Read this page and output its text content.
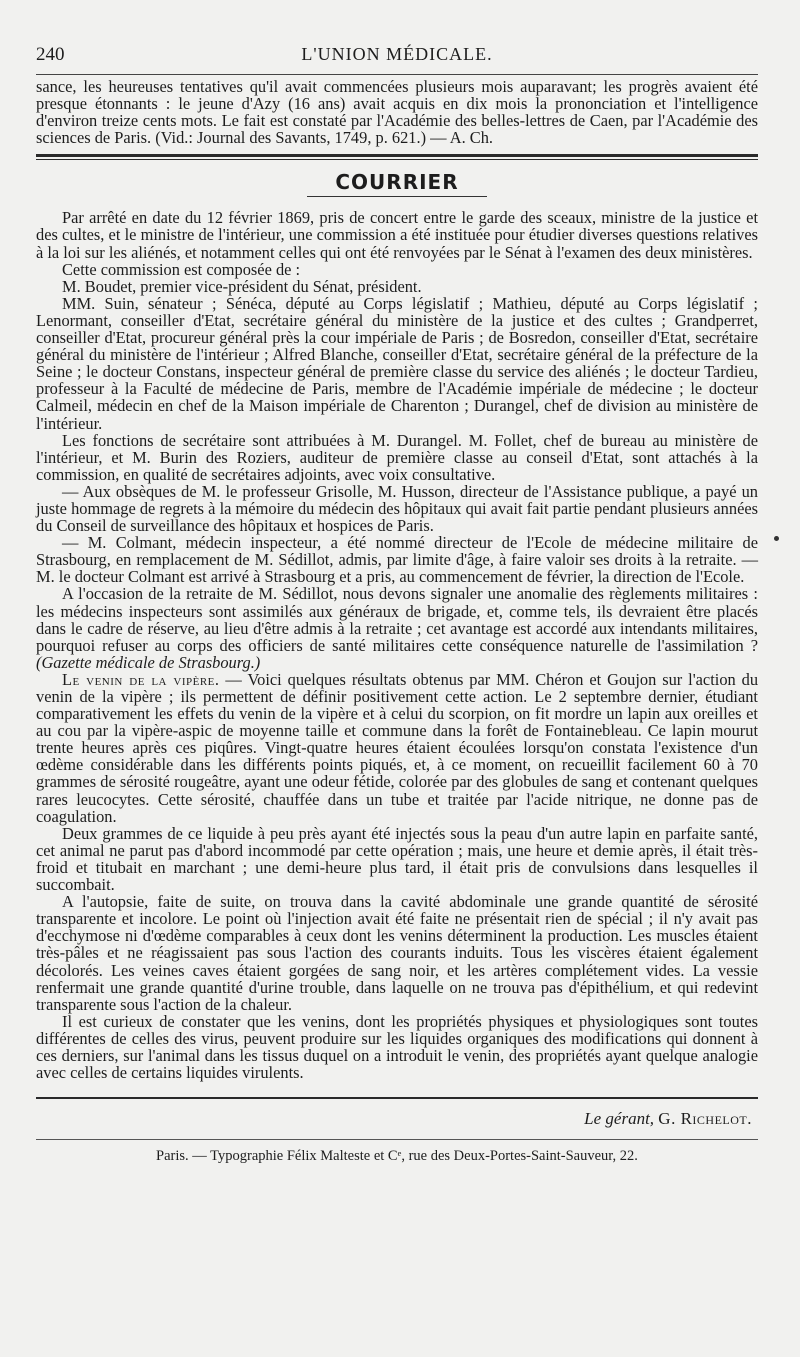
240	L'UNION MÉDICALE.

sance, les heureuses tentatives qu'il avait commencées plusieurs mois auparavant; les progrès avaient été presque étonnants : le jeune d'Azy (16 ans) avait acquis en dix mois la prononciation et l'intelligence d'environ treize cents mots. Le fait est constaté par l'Académie des belles-lettres de Caen, par l'Académie des sciences de Paris. (Vid.: Journal des Savants, 1749, p. 621.) — A. Ch.

COURRIER

Par arrêté en date du 12 février 1869, pris de concert entre le garde des sceaux, ministre de la justice et des cultes, et le ministre de l'intérieur, une commission a été instituée pour étudier diverses questions relatives à la loi sur les aliénés, et notamment celles qui ont été renvoyées par le Sénat à l'examen des deux ministères.

Cette commission est composée de :

M. Boudet, premier vice-président du Sénat, président.

MM. Suin, sénateur ; Sénéca, député au Corps législatif ; Mathieu, député au Corps législatif ; Lenormant, conseiller d'Etat, secrétaire général du ministère de la justice et des cultes ; Grandperret, conseiller d'Etat, procureur général près la cour impériale de Paris ; de Bosredon, conseiller d'Etat, secrétaire général du ministère de l'intérieur ; Alfred Blanche, conseiller d'Etat, secrétaire général de la préfecture de la Seine ; le docteur Constans, inspecteur général de première classe du service des aliénés ; le docteur Tardieu, professeur à la Faculté de médecine de Paris, membre de l'Académie impériale de médecine ; le docteur Calmeil, médecin en chef de la Maison impériale de Charenton ; Durangel, chef de division au ministère de l'intérieur.

Les fonctions de secrétaire sont attribuées à M. Durangel. M. Follet, chef de bureau au ministère de l'intérieur, et M. Burin des Roziers, auditeur de première classe au conseil d'Etat, sont attachés à la commission, en qualité de secrétaires adjoints, avec voix consultative.

— Aux obsèques de M. le professeur Grisolle, M. Husson, directeur de l'Assistance publique, a payé un juste hommage de regrets à la mémoire du médecin des hôpitaux qui avait fait partie pendant plusieurs années du Conseil de surveillance des hôpitaux et hospices de Paris.

— M. Colmant, médecin inspecteur, a été nommé directeur de l'Ecole de médecine militaire de Strasbourg, en remplacement de M. Sédillot, admis, par limite d'âge, à faire valoir ses droits à la retraite. — M. le docteur Colmant est arrivé à Strasbourg et a pris, au commencement de février, la direction de l'Ecole.

A l'occasion de la retraite de M. Sédillot, nous devons signaler une anomalie des règlements militaires : les médecins inspecteurs sont assimilés aux généraux de brigade, et, comme tels, ils devraient être placés dans le cadre de réserve, au lieu d'être admis à la retraite ; cet avantage est accordé aux intendants militaires, pourquoi refuser au corps des officiers de santé militaires cette conséquence naturelle de l'assimilation ? (Gazette médicale de Strasbourg.)

Le venin de la vipère. — Voici quelques résultats obtenus par MM. Chéron et Goujon sur l'action du venin de la vipère ; ils permettent de définir positivement cette action. Le 2 septembre dernier, étudiant comparativement les effets du venin de la vipère et à celui du scorpion, on fit mordre un lapin aux oreilles et au cou par la vipère-aspic de moyenne taille et commune dans la forêt de Fontainebleau. Ce lapin mourut trente heures après ces piqûres. Vingt-quatre heures étaient écoulées lorsqu'on constata l'existence d'un œdème considérable dans les différents points piqués, et, à ce moment, on recueillit facilement 60 à 70 grammes de sérosité rougeâtre, ayant une odeur fétide, colorée par des globules de sang et contenant quelques rares leucocytes. Cette sérosité, chauffée dans un tube et traitée par l'acide nitrique, ne donne pas de coagulation.

Deux grammes de ce liquide à peu près ayant été injectés sous la peau d'un autre lapin en parfaite santé, cet animal ne parut pas d'abord incommodé par cette opération ; mais, une heure et demie après, il était très-froid et titubait en marchant ; une demi-heure plus tard, il était pris de convulsions dans lesquelles il succombait.

A l'autopsie, faite de suite, on trouva dans la cavité abdominale une grande quantité de sérosité transparente et incolore. Le point où l'injection avait été faite ne présentait rien de spécial ; il n'y avait pas d'ecchymose ni d'œdème comparables à ceux dont les venins déterminent la production. Les muscles étaient très-pâles et ne réagissaient pas sous l'action des courants induits. Tous les viscères étaient également décolorés. Les veines caves étaient gorgées de sang noir, et les artères complétement vides. La vessie renfermait une grande quantité d'urine trouble, dans laquelle on ne trouva pas d'épithélium, et qui redevint transparente sous l'action de la chaleur.

Il est curieux de constater que les venins, dont les propriétés physiques et physiologiques sont toutes différentes de celles des virus, peuvent produire sur les liquides organiques des modifications qui donnent à ces derniers, sur l'animal dans les tissus duquel on a introduit le venin, des propriétés ayant quelque analogie avec celles de certains liquides virulents.

Le gérant, G. Richelot.
Paris. — Typographie Félix Malteste et Cᵉ, rue des Deux-Portes-Saint-Sauveur, 22.
